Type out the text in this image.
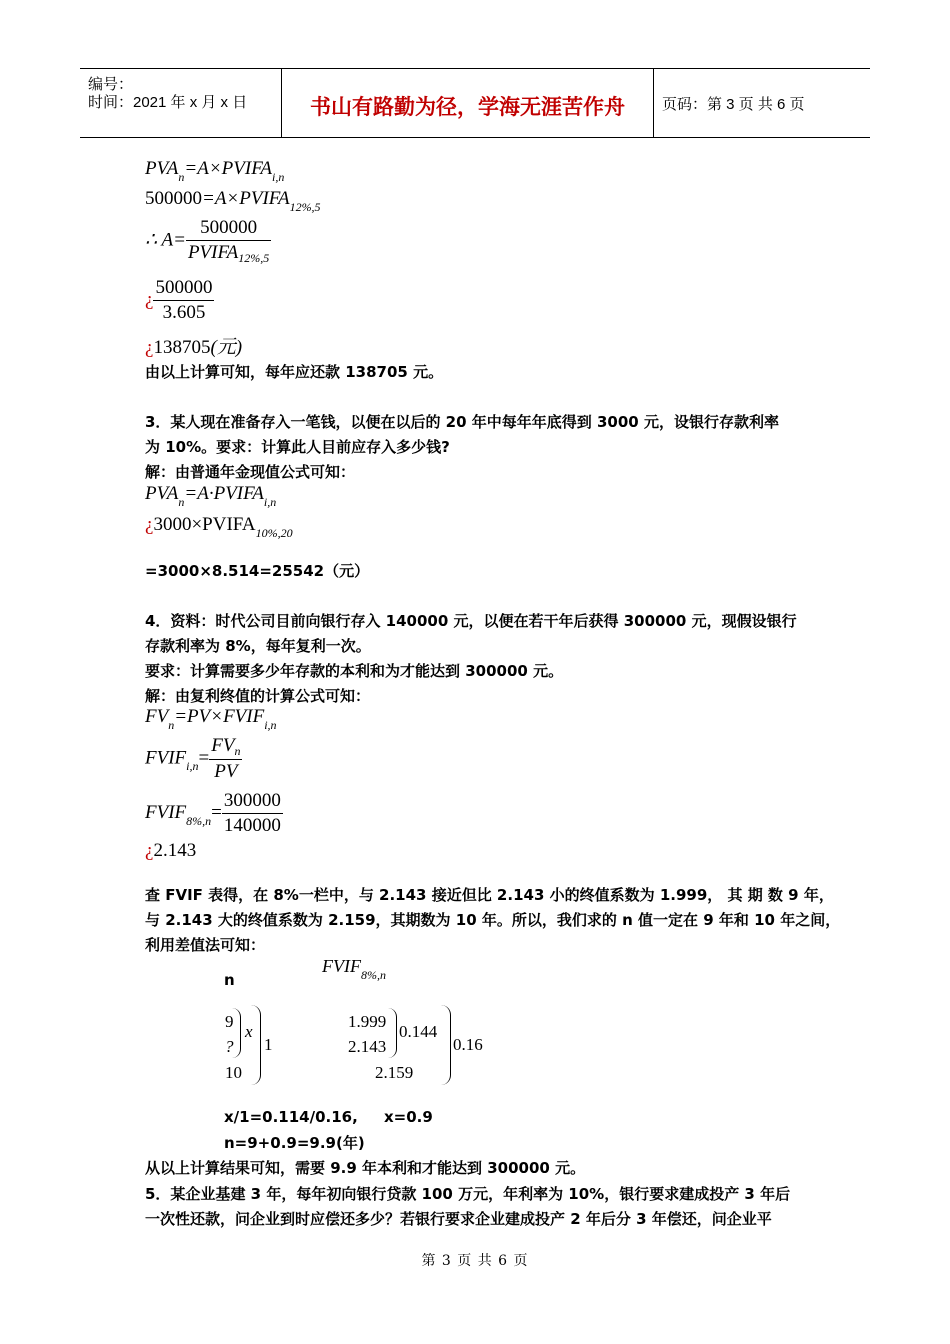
编号：
时间：2021 年 x 月 x 日	书山有路勤为径，学海无涯苦作舟	页码：第 3 页 共 6 页
$PVA_n=A\times PVIFA_{i,n}$
$500000=A\times PVIFA_{12\%,5}$
∴ $A= \frac{500000}{PVIFA_{12\%,5}}$
¿ $\frac{500000}{3.605}$
¿138705(元)
由以上计算可知，每年应还款 138705 元。
3．某人现在准备存入一笔钱，以便在以后的 20 年中每年年底得到 3000 元，设银行存款利率
为 10%。要求：计算此人目前应存入多少钱?
解：由普通年金现值公式可知：
$PVA_n=A\cdot PVIFA_{i,n}$
¿$3000\times PVIFA_{10\%,20}$
=3000×8.514=25542（元）
4．资料：时代公司目前向银行存入 140000 元，以便在若干年后获得 300000 元，现假设银行
存款利率为 8%，每年复利一次。
要求：计算需要多少年存款的本利和为才能达到 300000 元。
解：由复利终值的计算公式可知：
$FV_n=PV\times FVIF_{i,n}$
$FVIF_{i,n}= \frac{FV_n}{PV}$
$FVIF_{8\%,n}= \frac{300000}{140000}$
¿2.143
查 FVIF 表得，在 8%一栏中，与 2.143 接近但比 2.143 小的终值系数为 1.999， 其 期 数 9 年，
与 2.143 大的终值系数为 2.159，其期数为 10 年。所以，我们求的 n 值一定在 9 年和 10 年之间，
利用差值法可知：
n
$FVIF_{8\%,n}$
9
?
10
x
1
1.999
2.143
2.159
0.144
0.16
x/1=0.114/0.16, x=0.9
n=9+0.9=9.9(年)
从以上计算结果可知，需要 9.9 年本利和才能达到 300000 元。
5．某企业基建 3 年，每年初向银行贷款 100 万元，年利率为 10%，银行要求建成投产 3 年后
一次性还款，问企业到时应偿还多少？若银行要求企业建成投产 2 年后分 3 年偿还，问企业平
第 3 页 共 6 页
